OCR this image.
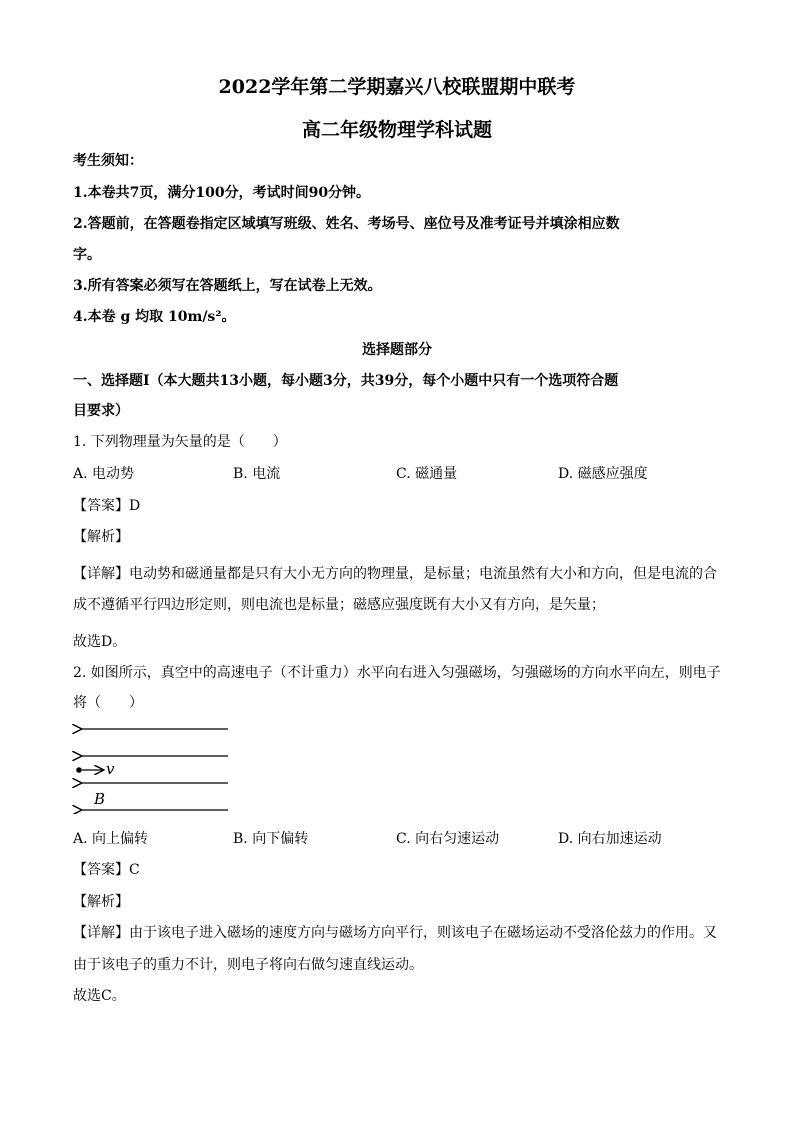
2022学年第二学期嘉兴八校联盟期中联考
高二年级物理学科试题
考生须知：
1.本卷共7页，满分100分，考试时间90分钟。
2.答题前，在答题卷指定区域填写班级、姓名、考场号、座位号及准考证号并填涂相应数
字。
3.所有答案必须写在答题纸上，写在试卷上无效。
4.本卷 g 均取 10m/s²。
选择题部分
一、选择题Ⅰ（本大题共13小题，每小题3分，共39分，每个小题中只有一个选项符合题
目要求）
1. 下列物理量为矢量的是（　　）
A. 电动势	B. 电流	C. 磁通量	D. 磁感应强度
【答案】D
【解析】
【详解】电动势和磁通量都是只有大小无方向的物理量，是标量；电流虽然有大小和方向，但是电流的合
成不遵循平行四边形定则，则电流也是标量；磁感应强度既有大小又有方向，是矢量；
故选D。
2. 如图所示，真空中的高速电子（不计重力）水平向右进入匀强磁场，匀强磁场的方向水平向左，则电子
将（　　）
v
B
A. 向上偏转	B. 向下偏转	C. 向右匀速运动	D. 向右加速运动
【答案】C
【解析】
【详解】由于该电子进入磁场的速度方向与磁场方向平行，则该电子在磁场运动不受洛伦兹力的作用。又
由于该电子的重力不计，则电子将向右做匀速直线运动。
故选C。
